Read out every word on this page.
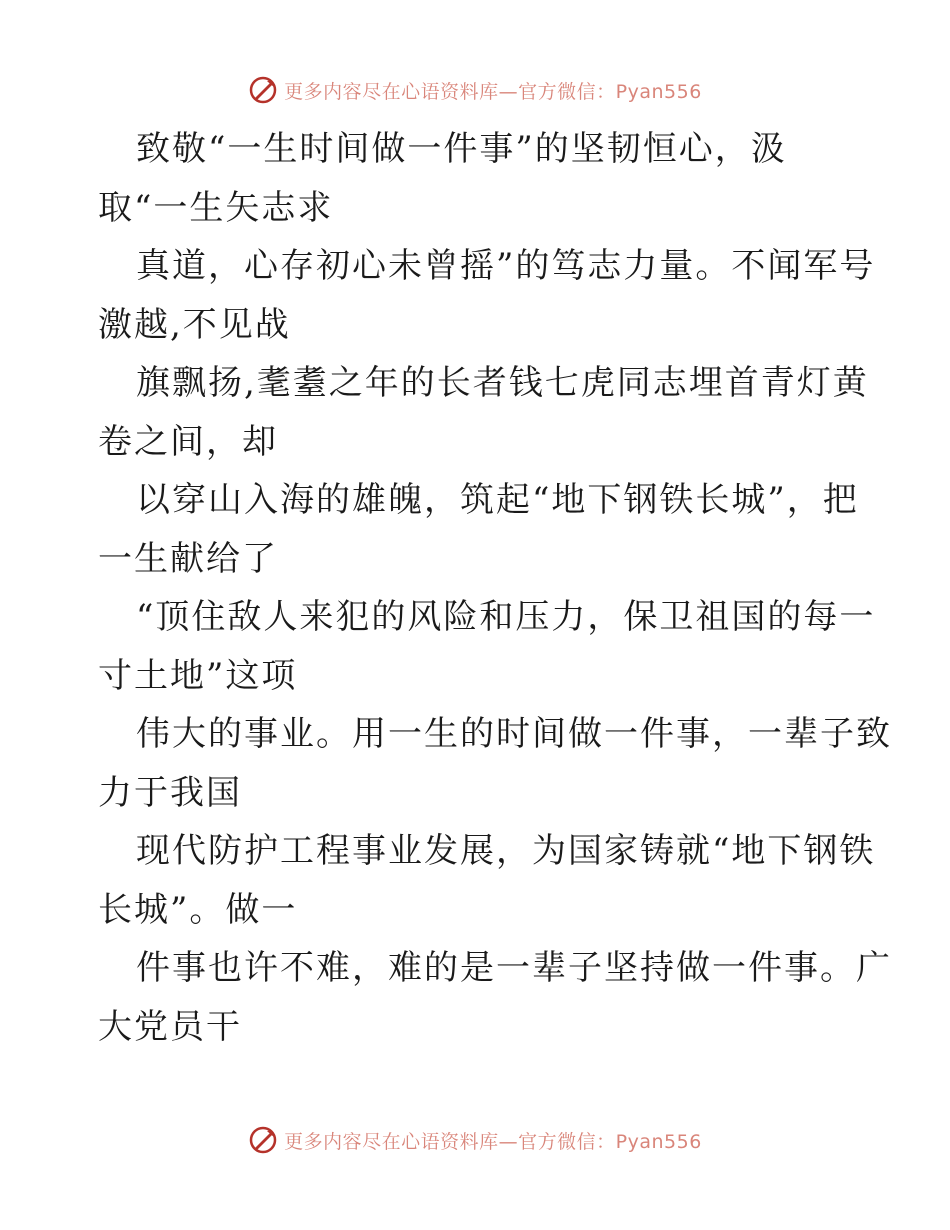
更多内容尽在心语资料库—官方微信：Pyan556
致敬“一生时间做一件事”的坚韧恒心，汲
取“一生矢志求
真道，心存初心未曾摇”的笃志力量。不闻军号
激越,不见战
旗飘扬,耄耋之年的长者钱七虎同志埋首青灯黄
卷之间，却
以穿山入海的雄魄，筑起“地下钢铁长城”，把
一生献给了
“顶住敌人来犯的风险和压力，保卫祖国的每一
寸土地”这项
伟大的事业。用一生的时间做一件事，一辈子致
力于我国
现代防护工程事业发展，为国家铸就“地下钢铁
长城”。做一
件事也许不难，难的是一辈子坚持做一件事。广
大党员干
更多内容尽在心语资料库—官方微信：Pyan556
